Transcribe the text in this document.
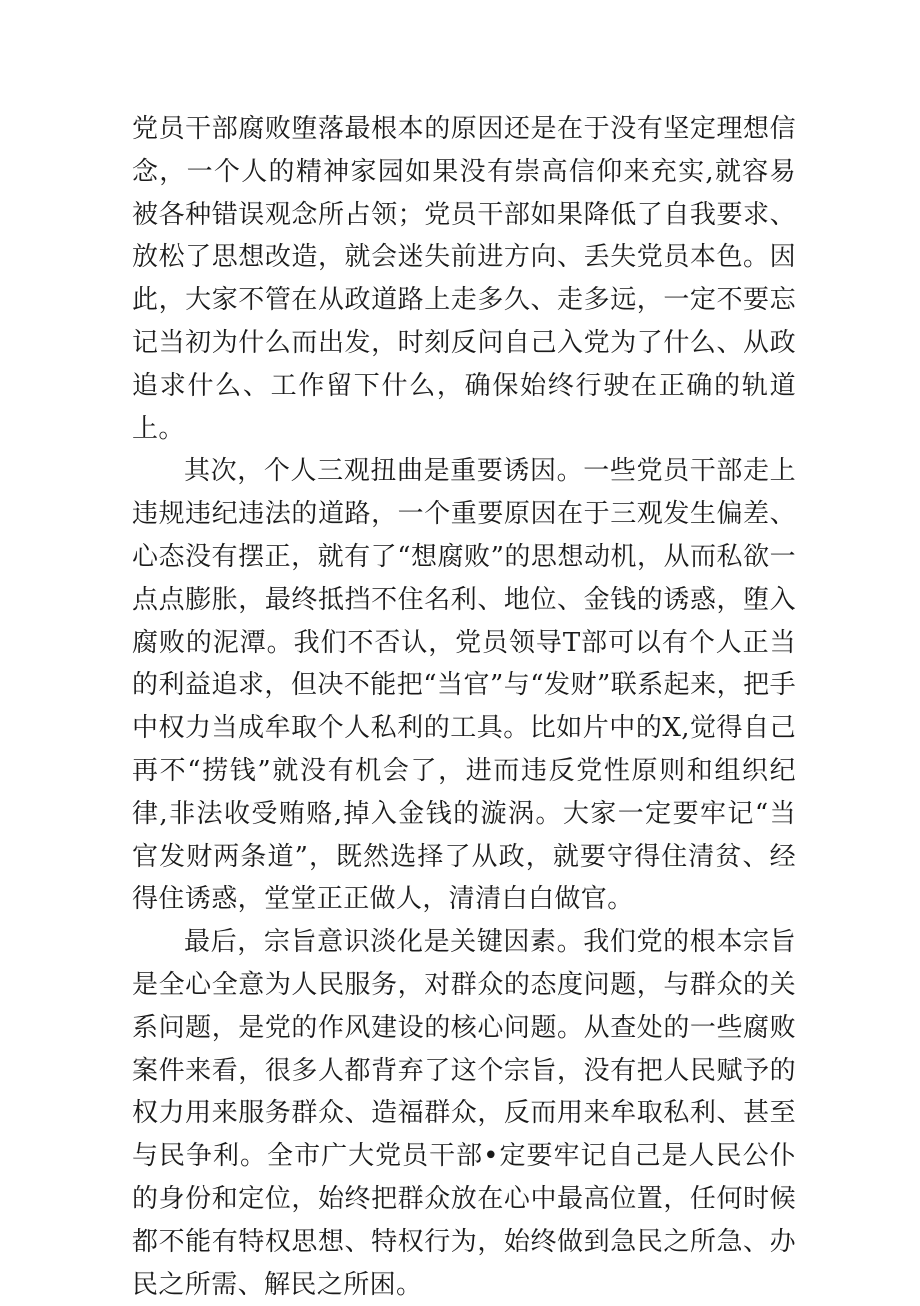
党员干部腐败堕落最根本的原因还是在于没有坚定理想信念，一个人的精神家园如果没有崇高信仰来充实,就容易被各种错误观念所占领；党员干部如果降低了自我要求、放松了思想改造，就会迷失前进方向、丢失党员本色。因此，大家不管在从政道路上走多久、走多远，一定不要忘记当初为什么而出发，时刻反问自己入党为了什么、从政追求什么、工作留下什么，确保始终行驶在正确的轨道上。

其次，个人三观扭曲是重要诱因。一些党员干部走上违规违纪违法的道路，一个重要原因在于三观发生偏差、心态没有摆正，就有了“想腐败”的思想动机，从而私欲一点点膨胀，最终抵挡不住名利、地位、金钱的诱惑，堕入腐败的泥潭。我们不否认，党员领导T部可以有个人正当的利益追求，但决不能把“当官”与“发财”联系起来，把手中权力当成牟取个人私利的工具。比如片中的X,觉得自己再不“捞钱”就没有机会了，进而违反党性原则和组织纪律,非法收受贿赂,掉入金钱的漩涡。大家一定要牢记“当官发财两条道”，既然选择了从政，就要守得住清贫、经得住诱惑，堂堂正正做人，清清白白做官。

最后，宗旨意识淡化是关键因素。我们党的根本宗旨是全心全意为人民服务，对群众的态度问题，与群众的关系问题，是党的作风建设的核心问题。从查处的一些腐败案件来看，很多人都背弃了这个宗旨，没有把人民赋予的权力用来服务群众、造福群众，反而用来牟取私利、甚至与民争利。全市广大党员干部•定要牢记自己是人民公仆的身份和定位，始终把群众放在心中最高位置，任何时候都不能有特权思想、特权行为，始终做到急民之所急、办民之所需、解民之所困。
